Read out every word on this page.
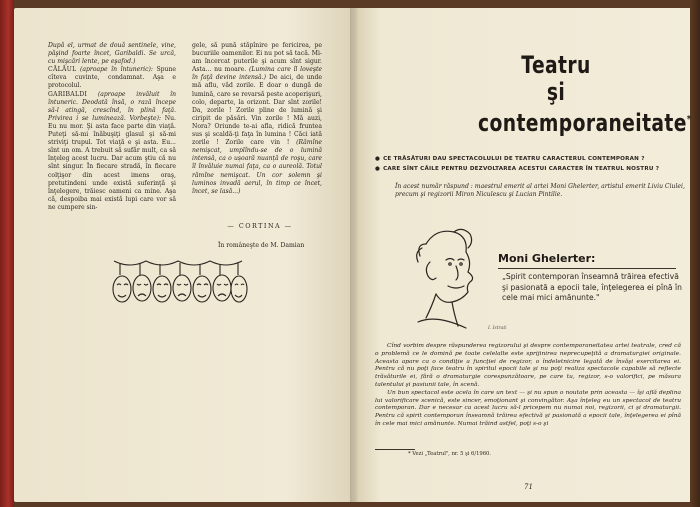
După el, urmat de două sentinele, vine, păşind foarte încet, Garibaldi. Se urcă, cu mişcări lente, pe eşafod.)

CĂLĂUL (aproape în întuneric): Spune cîteva cuvinte, condamnat. Aşa e protocolul.

GARIBALDI (aproape invăluit în întuneric. Deodată însă, o rază începe să-l atingă, crescînd, în plină faţă. Privirea i se luminează. Vorbeşte): Nu. Eu nu mor. Şi asta face parte din viaţă. Puteţi să-mi înăbuşiţi glasul şi să-mi striviţi trupul. Tot viaţă e şi asta. Eu... sînt un om. A trebuit să sufăr mult, ca să înţeleg acest lucru. Dar acum ştiu că nu sînt singur. În fiecare stradă, în fiecare colţişor din acest imens oraş, pretutindeni unde există suferinţă şi înţelegere, trăiesc oameni ca mine. Aşa că, despoiba mai există lupi care vor să ne cumpere sin-

gele, să pună stăpînire pe fericirea, pe bucuriile oamenilor. Ei nu pot să tacă. Mi-am încercat puterile şi acum sînt sigur. Asta... nu moare. (Lumina care îl loveşte în faţă devine intensă.) De aici, de unde mă aflu, văd zorile. E doar o dungă de lumină, care se revarsă peste acoperişuri, colo, departe, la orizont. Dar sînt zorile! Da, zorile ! Zorile pline de lumină şi ciripit de păsări. Vin zorile ! Mă auzi, Nora? Oriunde te-ai afla, ridică fruntea sus şi scaldă-ţi faţa în lumina ! Căci iată zorile ! Zorile care vin ! (Rămîne nemişcat, umplîndu-se de o lumină intensă, ca o ușoară nuanță de roşu, care îl învăluie numai faţa, ca o aureolă. Totul rămîne nemişcat. Un cor solemn şi luminos invadă aerul, în timp ce încet, încet, se lasă...)

— CORTINA —
În româneşte de M. Damian
Teatru
şi
contemporaneitate*
● CE TRĂSĂTURI DAU SPECTACOLULUI DE TEATRU CARACTERUL CONTEMPORAN ?
● CARE SÎNT CĂILE PENTRU DEZVOLTAREA ACESTUI CARACTER ÎN TEATRUL NOSTRU ?
În acest număr răspund : maestrul emerit al artei Moni Ghelerter, artistul emerit Liviu Ciulei, precum şi regizorii Miron Niculescu şi Lucian Pintilie.
I. Istrati
Moni Ghelerter:
„Spirit contemporan înseamnă trăirea efectivă şi pasionată a epocii tale, înţelegerea ei pînă în cele mai mici amănunte."

Cînd vorbim despre răspunderea regizorului şi despre contemporaneitatea artei teatrale, cred că o problemă ce le domină pe toate celelalte este sprijinirea neprecupeţită a dramaturgiei originale. Aceasta apare ca o condiţie a funcţiei de regizor, o îndeletnicire legată de însăşi exercitarea ei. Pentru că nu poţi face teatru în spiritul epocii tale şi nu poţi realiza spectacole capabile să reflecte trăsăturile ei, fără o dramaturgie corespunzătoare, pe care tu, regizor, s-o valorifici, pe măsura talentului şi pasiunii tale, în scenă.

Un bun spectacol este acela în care un text — şi nu spun o noutate prin aceasta — îşi află deplina lui valorificare scenică, este sincer, emoţionant şi convingător. Aşa înţeleg eu un spectacol de teatru contemporan. Dar e necesar ca acest lucru să-l pricepem nu numai noi, regizorii, ci şi dramaturgii. Pentru că spirit contemporan înseamnă trăirea efectivă şi pasionată a epocii tale, înţelegerea ei pînă în cele mai mici amănunte. Numai trăind astfel, poţi s-o şi

* Vezi „Teatrul", nr. 5 şi 6/1960.
71
